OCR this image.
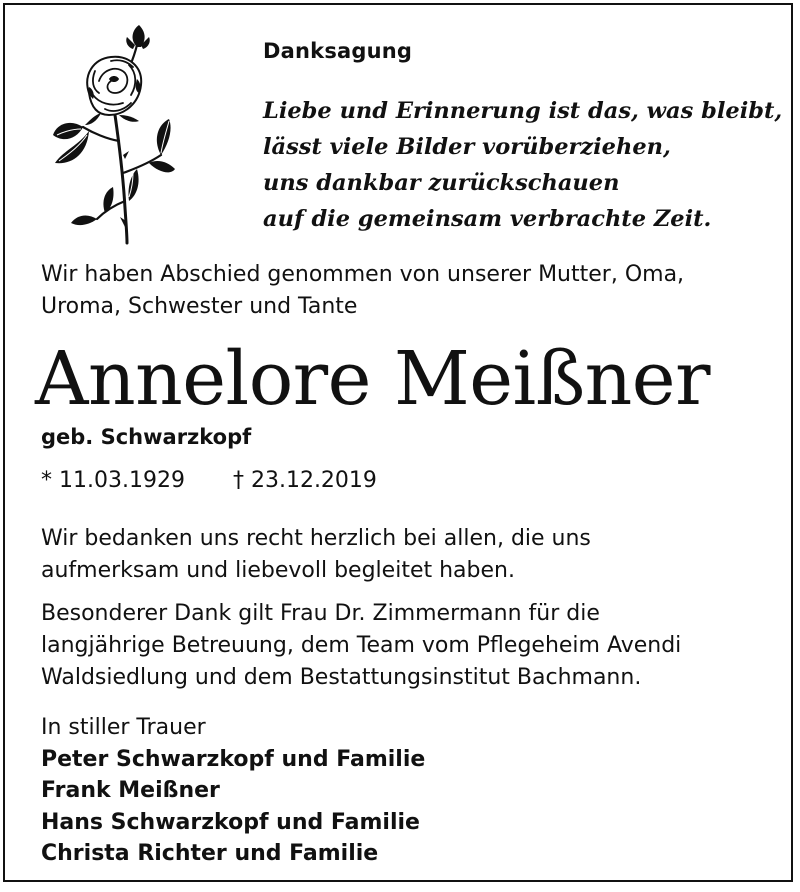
Danksagung
Liebe und Erinnerung ist das, was bleibt,
lässt viele Bilder vorüberziehen,
uns dankbar zurückschauen
auf die gemeinsam verbrachte Zeit.
Wir haben Abschied genommen von unserer Mutter, Oma,
Uroma, Schwester und Tante
Annelore Meißner
geb. Schwarzkopf
* 11.03.1929 † 23.12.2019
Wir bedanken uns recht herzlich bei allen, die uns
aufmerksam und liebevoll begleitet haben.
Besonderer Dank gilt Frau Dr. Zimmermann für die
langjährige Betreuung, dem Team vom Pflegeheim Avendi
Waldsiedlung und dem Bestattungsinstitut Bachmann.
In stiller Trauer
Peter Schwarzkopf und Familie
Frank Meißner
Hans Schwarzkopf und Familie
Christa Richter und Familie
